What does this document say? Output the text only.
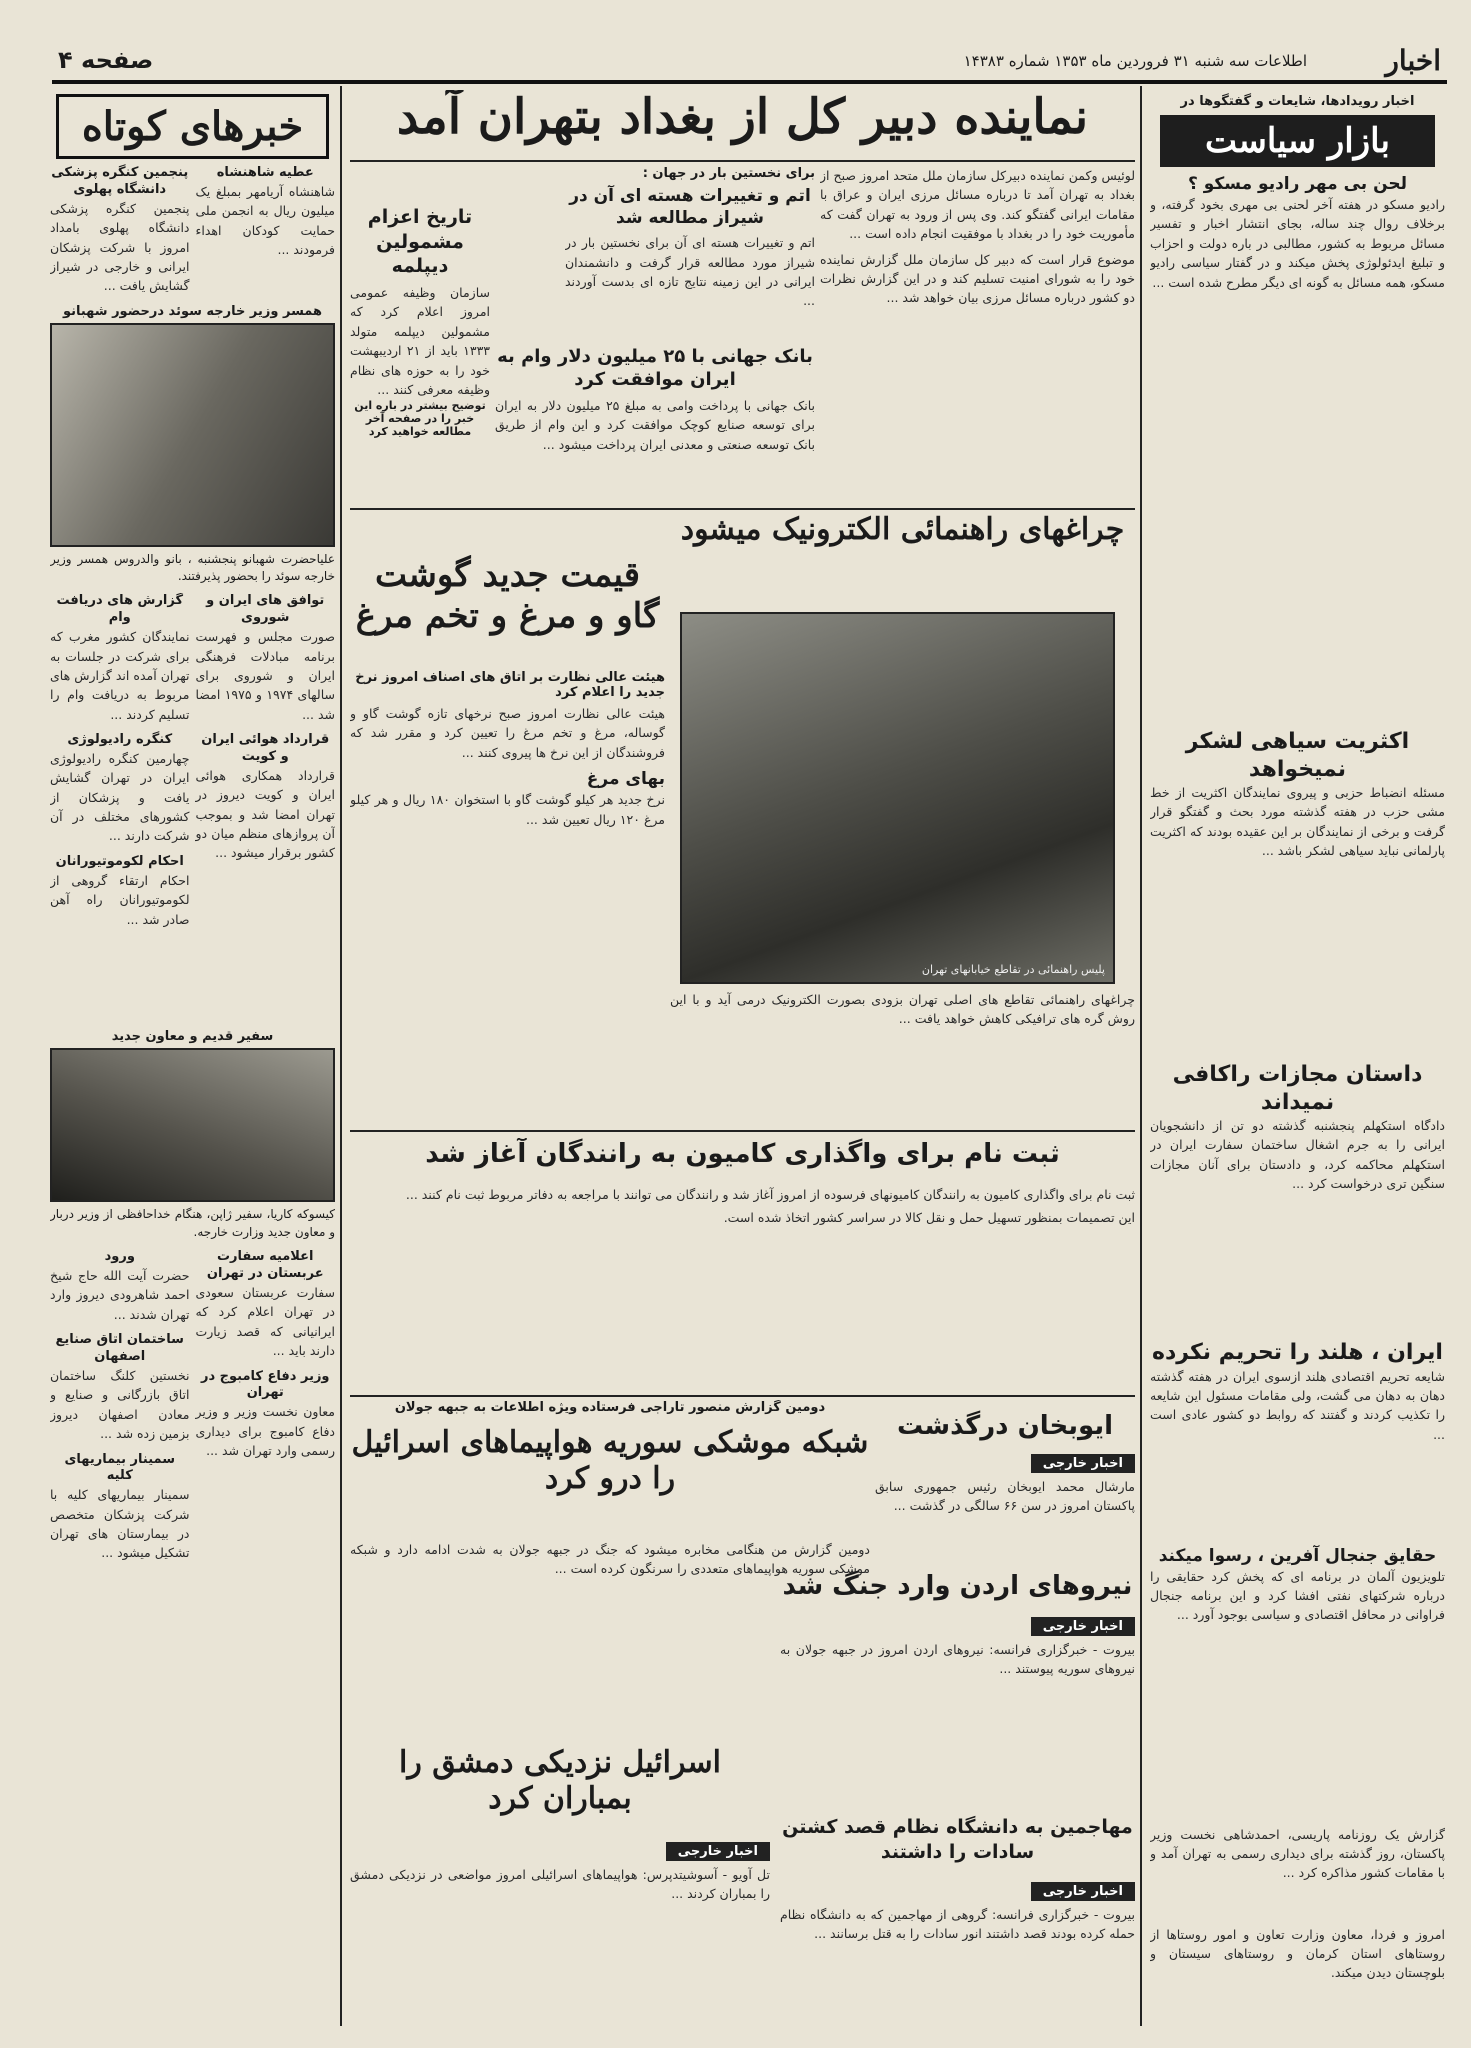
اخبار
اطلاعات سه شنبه ۳۱ فروردین ماه ۱۳۵۳ شماره ۱۴۳۸۳
صفحه ۴
اخبار رویدادها، شایعات و گفتگوها در
بازار سیاست
لحن بی مهر رادیو مسکو ؟
رادیو مسکو در هفته آخر لحنی بی مهری بخود گرفته، و برخلاف روال چند ساله، بجای انتشار اخبار و تفسیر مسائل مربوط به کشور، مطالبی در باره دولت و احزاب و تبلیغ ایدئولوژی پخش میکند و در گفتار سیاسی رادیو مسکو، همه مسائل به گونه ای دیگر مطرح شده است ...
اکثریت سیاهی لشکر نمیخواهد
مسئله انضباط حزبی و پیروی نمایندگان اکثریت از خط مشی حزب در هفته گذشته مورد بحث و گفتگو قرار گرفت و برخی از نمایندگان بر این عقیده بودند که اکثریت پارلمانی نباید سیاهی لشکر باشد ...
داستان مجازات راکافی نمیداند
دادگاه استکهلم پنجشنبه گذشته دو تن از دانشجویان ایرانی را به جرم اشغال ساختمان سفارت ایران در استکهلم محاکمه کرد، و دادستان برای آنان مجازات سنگین تری درخواست کرد ...
ایران ، هلند را تحریم نکرده
شایعه تحریم اقتصادی هلند ازسوی ایران در هفته گذشته دهان به دهان می گشت، ولی مقامات مسئول این شایعه را تکذیب کردند و گفتند که روابط دو کشور عادی است ...
حقایق جنجال آفرین ، رسوا میکند
تلویزیون آلمان در برنامه ای که پخش کرد حقایقی را درباره شرکتهای نفتی افشا کرد و این برنامه جنجال فراوانی در محافل اقتصادی و سیاسی بوجود آورد ...
گزارش یک روزنامه پاریسی، احمدشاهی نخست وزیر پاکستان، روز گذشته برای دیداری رسمی به تهران آمد و با مقامات کشور مذاکره کرد ...
امروز و فردا، معاون وزارت تعاون و امور روستاها از روستاهای استان کرمان و روستاهای سیستان و بلوچستان دیدن میکند.
نماینده دبیر کل از بغداد بتهران آمد
لوئیس وکمن نماینده دبیرکل سازمان ملل متحد امروز صبح از بغداد به تهران آمد تا درباره مسائل مرزی ایران و عراق با مقامات ایرانی گفتگو کند. وی پس از ورود به تهران گفت که مأموریت خود را در بغداد با موفقیت انجام داده است ...
موضوع قرار است که دبیر کل سازمان ملل گزارش نماینده خود را به شورای امنیت تسلیم کند و در این گزارش نظرات دو کشور درباره مسائل مرزی بیان خواهد شد ...
برای نخستین بار در جهان :
اتم و تغییرات هسته ای آن در شیراز مطالعه شد
اتم و تغییرات هسته ای آن برای نخستین بار در شیراز مورد مطالعه قرار گرفت و دانشمندان ایرانی در این زمینه نتایج تازه ای بدست آوردند ...
تاریخ اعزام مشمولین دیپلمه
سازمان وظیفه عمومی امروز اعلام کرد که مشمولین دیپلمه متولد ۱۳۳۳ باید از ۲۱ اردیبهشت خود را به حوزه های نظام وظیفه معرفی کنند ...
توضیح بیشتر در باره این خبر را در صفحه آخر مطالعه خواهید کرد
بانک جهانی با ۲۵ میلیون دلار وام به ایران موافقت کرد
بانک جهانی با پرداخت وامی به مبلغ ۲۵ میلیون دلار به ایران برای توسعه صنایع کوچک موافقت کرد و این وام از طریق بانک توسعه صنعتی و معدنی ایران پرداخت میشود ...
چراغهای راهنمائی الکترونیک میشود
پلیس راهنمائی در تقاطع خیابانهای تهران
چراغهای راهنمائی تقاطع های اصلی تهران بزودی بصورت الکترونیک درمی آید و با این روش گره های ترافیکی کاهش خواهد یافت ...
قیمت جدید گوشت گاو و مرغ و تخم مرغ
هیئت عالی نظارت بر اتاق های اصناف امروز نرخ جدید را اعلام کرد
هیئت عالی نظارت امروز صبح نرخهای تازه گوشت گاو و گوساله، مرغ و تخم مرغ را تعیین کرد و مقرر شد که فروشندگان از این نرخ ها پیروی کنند ...
بهای مرغ
نرخ جدید هر کیلو گوشت گاو با استخوان ۱۸۰ ریال و هر کیلو مرغ ۱۲۰ ریال تعیین شد ...
ثبت نام برای واگذاری کامیون به رانندگان آغاز شد
ثبت نام برای واگذاری کامیون به رانندگان کامیونهای فرسوده از امروز آغاز شد و رانندگان می توانند با مراجعه به دفاتر مربوط ثبت نام کنند ...
این تصمیمات بمنظور تسهیل حمل و نقل کالا در سراسر کشور اتخاذ شده است.
دومین گزارش منصور تاراجی فرستاده ویژه اطلاعات به جبهه جولان
شبکه موشکی سوریه هواپیماهای اسرائیل را درو کرد
دومین گزارش من هنگامی مخابره میشود که جنگ در جبهه جولان به شدت ادامه دارد و شبکه موشکی سوریه هواپیماهای متعددی را سرنگون کرده است ...
ایوبخان درگذشت
اخبار خارجی
مارشال محمد ایوبخان رئیس جمهوری سابق پاکستان امروز در سن ۶۶ سالگی در گذشت ...
نیروهای اردن وارد جنگ شد
اخبار خارجی
بیروت - خبرگزاری فرانسه: نیروهای اردن امروز در جبهه جولان به نیروهای سوریه پیوستند ...
اسرائیل نزدیکی دمشق را بمباران کرد
اخبار خارجی
تل آویو - آسوشیتدپرس: هواپیماهای اسرائیلی امروز مواضعی در نزدیکی دمشق را بمباران کردند ...
مهاجمین به دانشگاه نظام قصد کشتن سادات را داشتند
اخبار خارجی
بیروت - خبرگزاری فرانسه: گروهی از مهاجمین که به دانشگاه نظام حمله کرده بودند قصد داشتند انور سادات را به قتل برسانند ...
خبرهای کوتاه
عطیه شاهنشاه
شاهنشاه آریامهر بمبلغ یک میلیون ریال به انجمن ملی حمایت کودکان اهداء فرمودند ...
پنجمین کنگره پزشکی دانشگاه پهلوی
پنجمین کنگره پزشکی دانشگاه پهلوی بامداد امروز با شرکت پزشکان ایرانی و خارجی در شیراز گشایش یافت ...
همسر وزیر خارجه سوئد درحضور شهبانو
علیاحضرت شهبانو پنجشنبه ، بانو والدروس همسر وزیر خارجه سوئد را بحضور پذیرفتند.
توافق های ایران و شوروی
صورت مجلس و فهرست برنامه مبادلات فرهنگی ایران و شوروی برای سالهای ۱۹۷۴ و ۱۹۷۵ امضا شد ...
قرارداد هوائی ایران و کویت
قرارداد همکاری هوائی ایران و کویت دیروز در تهران امضا شد و بموجب آن پروازهای منظم میان دو کشور برقرار میشود ...
گزارش های دریافت وام
نمایندگان کشور مغرب که برای شرکت در جلسات به تهران آمده اند گزارش های مربوط به دریافت وام را تسلیم کردند ...
کنگره رادیولوژی
چهارمین کنگره رادیولوژی ایران در تهران گشایش یافت و پزشکان از کشورهای مختلف در آن شرکت دارند ...
احکام لکوموتیورانان
احکام ارتقاء گروهی از لکوموتیورانان راه آهن صادر شد ...
سفیر قدیم و معاون جدید
کیسوکه کاریا، سفیر ژاپن، هنگام خداحافظی از وزیر دربار و معاون جدید وزارت خارجه.
اعلامیه سفارت عربستان در تهران
سفارت عربستان سعودی در تهران اعلام کرد که ایرانیانی که قصد زیارت دارند باید ...
وزیر دفاع کامبوج در تهران
معاون نخست وزیر و وزیر دفاع کامبوج برای دیداری رسمی وارد تهران شد ...
ورود
حضرت آیت الله حاج شیخ احمد شاهرودی دیروز وارد تهران شدند ...
ساختمان اتاق صنایع اصفهان
نخستین کلنگ ساختمان اتاق بازرگانی و صنایع و معادن اصفهان دیروز بزمین زده شد ...
سمینار بیماریهای کلیه
سمینار بیماریهای کلیه با شرکت پزشکان متخصص در بیمارستان های تهران تشکیل میشود ...
